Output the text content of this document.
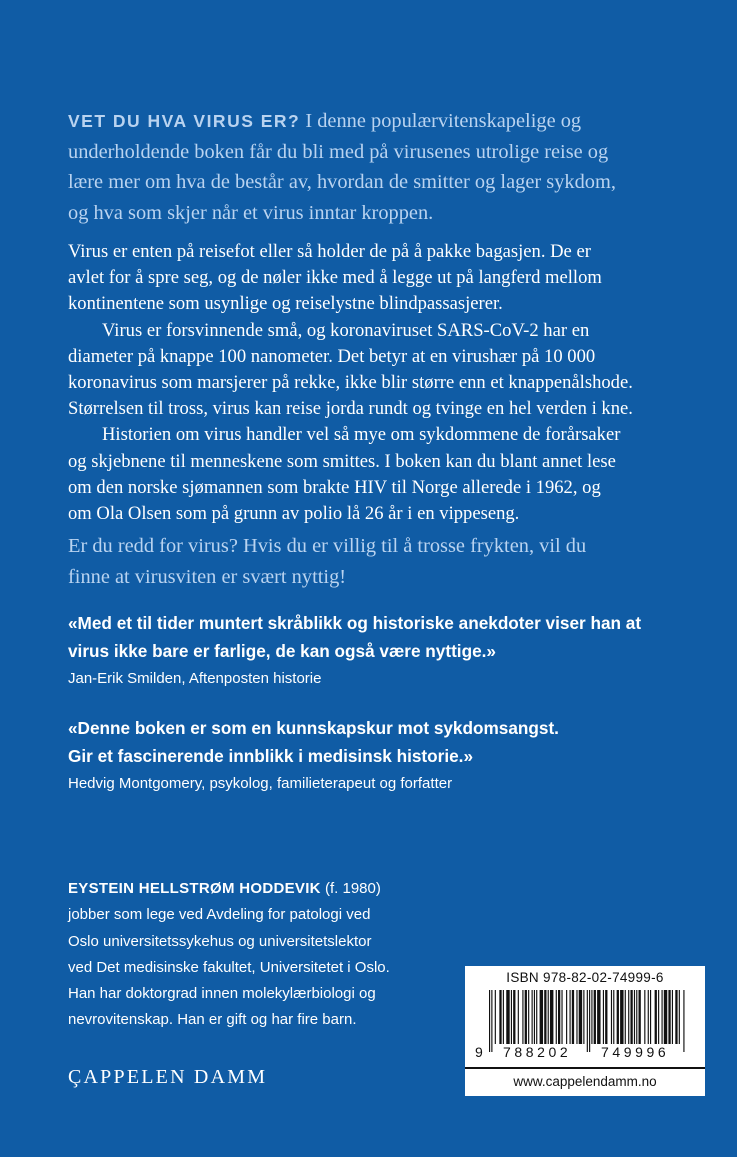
VET DU HVA VIRUS ER? I denne populærvitenskapelige og
underholdende boken får du bli med på virusenes utrolige reise og
lære mer om hva de består av, hvordan de smitter og lager sykdom,
og hva som skjer når et virus inntar kroppen.
Virus er enten på reisefot eller så holder de på å pakke bagasjen. De er
avlet for å spre seg, og de nøler ikke med å legge ut på langferd mellom
kontinentene som usynlige og reiselystne blindpassasjerer.
Virus er forsvinnende små, og koronaviruset SARS-CoV-2 har en
diameter på knappe 100 nanometer. Det betyr at en virushær på 10 000
koronavirus som marsjerer på rekke, ikke blir større enn et knappenålshode.
Størrelsen til tross, virus kan reise jorda rundt og tvinge en hel verden i kne.
Historien om virus handler vel så mye om sykdommene de forårsaker
og skjebnene til menneskene som smittes. I boken kan du blant annet lese
om den norske sjømannen som brakte HIV til Norge allerede i 1962, og
om Ola Olsen som på grunn av polio lå 26 år i en vippeseng.
Er du redd for virus? Hvis du er villig til å trosse frykten, vil du
finne at virusviten er svært nyttig!
«Med et til tider muntert skråblikk og historiske anekdoter viser han at
virus ikke bare er farlige, de kan også være nyttige.»
Jan-Erik Smilden, Aftenposten historie
«Denne boken er som en kunnskapskur mot sykdomsangst.
Gir et fascinerende innblikk i medisinsk historie.»
Hedvig Montgomery, psykolog, familieterapeut og forfatter
EYSTEIN HELLSTRØM HODDEVIK (f. 1980)
jobber som lege ved Avdeling for patologi ved
Oslo universitetssykehus og universitetslektor
ved Det medisinske fakultet, Universitetet i Oslo.
Han har doktorgrad innen molekylærbiologi og
nevrovitenskap. Han er gift og har fire barn.
ÇAPPELEN DAMM
ISBN 978-82-02-74999-6
9 788202 749996
www.cappelendamm.no
